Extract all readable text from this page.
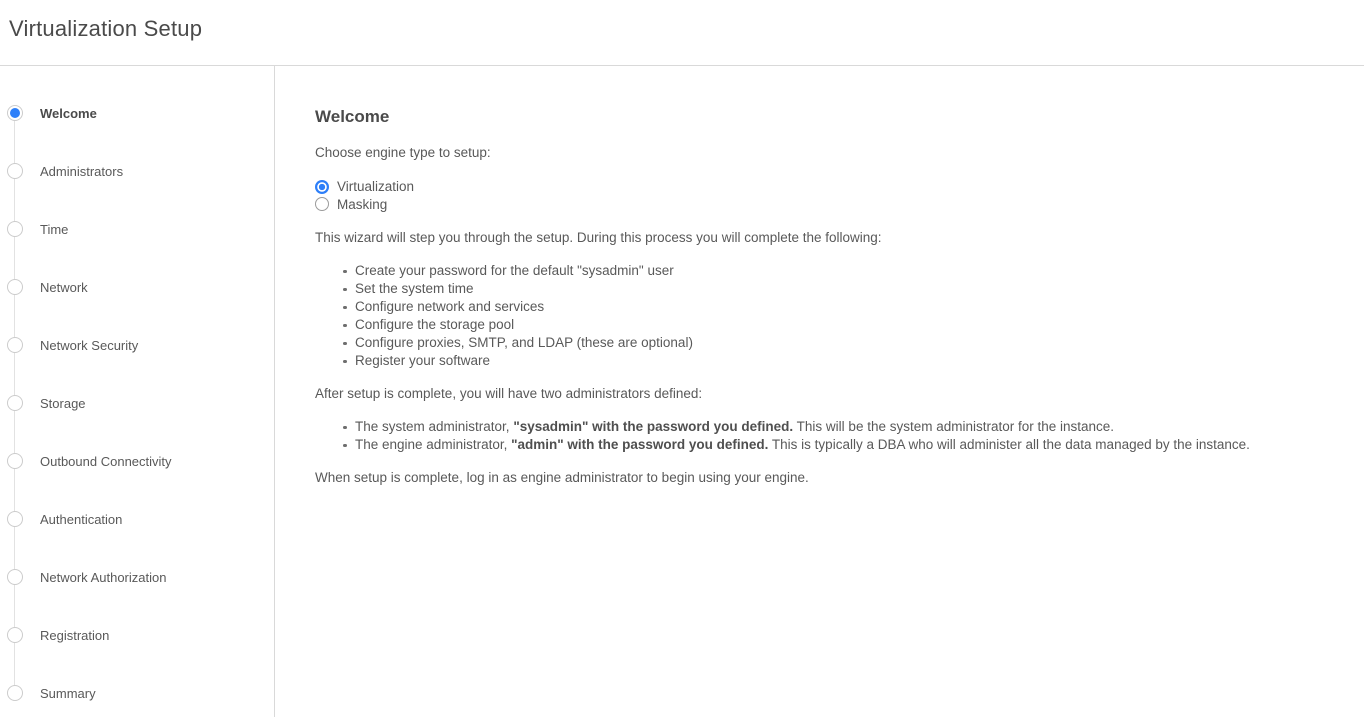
Virtualization Setup
Welcome
Administrators
Time
Network
Network Security
Storage
Outbound Connectivity
Authentication
Network Authorization
Registration
Summary
Welcome

Choose engine type to setup:

Virtualization
Masking

This wizard will step you through the setup. During this process you will complete the following:

Create your password for the default "sysadmin" user
Set the system time
Configure network and services
Configure the storage pool
Configure proxies, SMTP, and LDAP (these are optional)
Register your software

After setup is complete, you will have two administrators defined:

The system administrator, "sysadmin" with the password you defined. This will be the system administrator for the instance.
The engine administrator, "admin" with the password you defined. This is typically a DBA who will administer all the data managed by the instance.

When setup is complete, log in as engine administrator to begin using your engine.
